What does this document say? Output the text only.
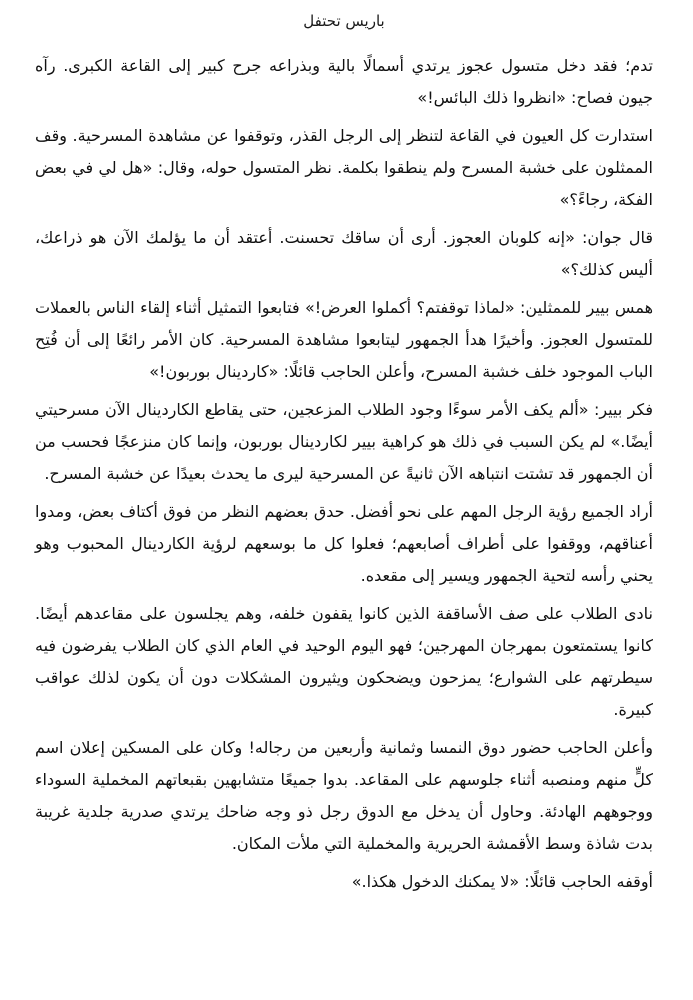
باريس تحتفل

تدم؛ فقد دخل متسول عجوز يرتدي أسمالًا بالية وبذراعه جرح كبير إلى القاعة الكبرى. رآه جيون فصاح: «انظروا ذلك البائس!»

استدارت كل العيون في القاعة لتنظر إلى الرجل القذر، وتوقفوا عن مشاهدة المسرحية. وقف الممثلون على خشبة المسرح ولم ينطقوا بكلمة. نظر المتسول حوله، وقال: «هل لي في بعض الفكة، رجاءً؟»

قال جوان: «إنه كلوبان العجوز. أرى أن ساقك تحسنت. أعتقد أن ما يؤلمك الآن هو ذراعك، أليس كذلك؟»

همس بيير للممثلين: «لماذا توقفتم؟ أكملوا العرض!» فتابعوا التمثيل أثناء إلقاء الناس بالعملات للمتسول العجوز. وأخيرًا هدأ الجمهور ليتابعوا مشاهدة المسرحية. كان الأمر رائعًا إلى أن فُتِح الباب الموجود خلف خشبة المسرح، وأعلن الحاجب قائلًا: «كاردينال بوربون!»

فكر بيير: «ألم يكف الأمر سوءًا وجود الطلاب المزعجين، حتى يقاطع الكاردينال الآن مسرحيتي أيضًا.» لم يكن السبب في ذلك هو كراهية بيير لكاردينال بوربون، وإنما كان منزعجًا فحسب من أن الجمهور قد تشتت انتباهه الآن ثانيةً عن المسرحية ليرى ما يحدث بعيدًا عن خشبة المسرح.

أراد الجميع رؤية الرجل المهم على نحو أفضل. حدق بعضهم النظر من فوق أكتاف بعض، ومدوا أعناقهم، ووقفوا على أطراف أصابعهم؛ فعلوا كل ما بوسعهم لرؤية الكاردينال المحبوب وهو يحني رأسه لتحية الجمهور ويسير إلى مقعده.

نادى الطلاب على صف الأساقفة الذين كانوا يقفون خلفه، وهم يجلسون على مقاعدهم أيضًا. كانوا يستمتعون بمهرجان المهرجين؛ فهو اليوم الوحيد في العام الذي كان الطلاب يفرضون فيه سيطرتهم على الشوارع؛ يمزحون ويضحكون ويثيرون المشكلات دون أن يكون لذلك عواقب كبيرة.

وأعلن الحاجب حضور دوق النمسا وثمانية وأربعين من رجاله! وكان على المسكين إعلان اسم كلٍّ منهم ومنصبه أثناء جلوسهم على المقاعد. بدوا جميعًا متشابهين بقبعاتهم المخملية السوداء ووجوههم الهادئة. وحاول أن يدخل مع الدوق رجل ذو وجه ضاحك يرتدي صدرية جلدية غريبة بدت شاذة وسط الأقمشة الحريرية والمخملية التي ملأت المكان.

أوقفه الحاجب قائلًا: «لا يمكنك الدخول هكذا.»
